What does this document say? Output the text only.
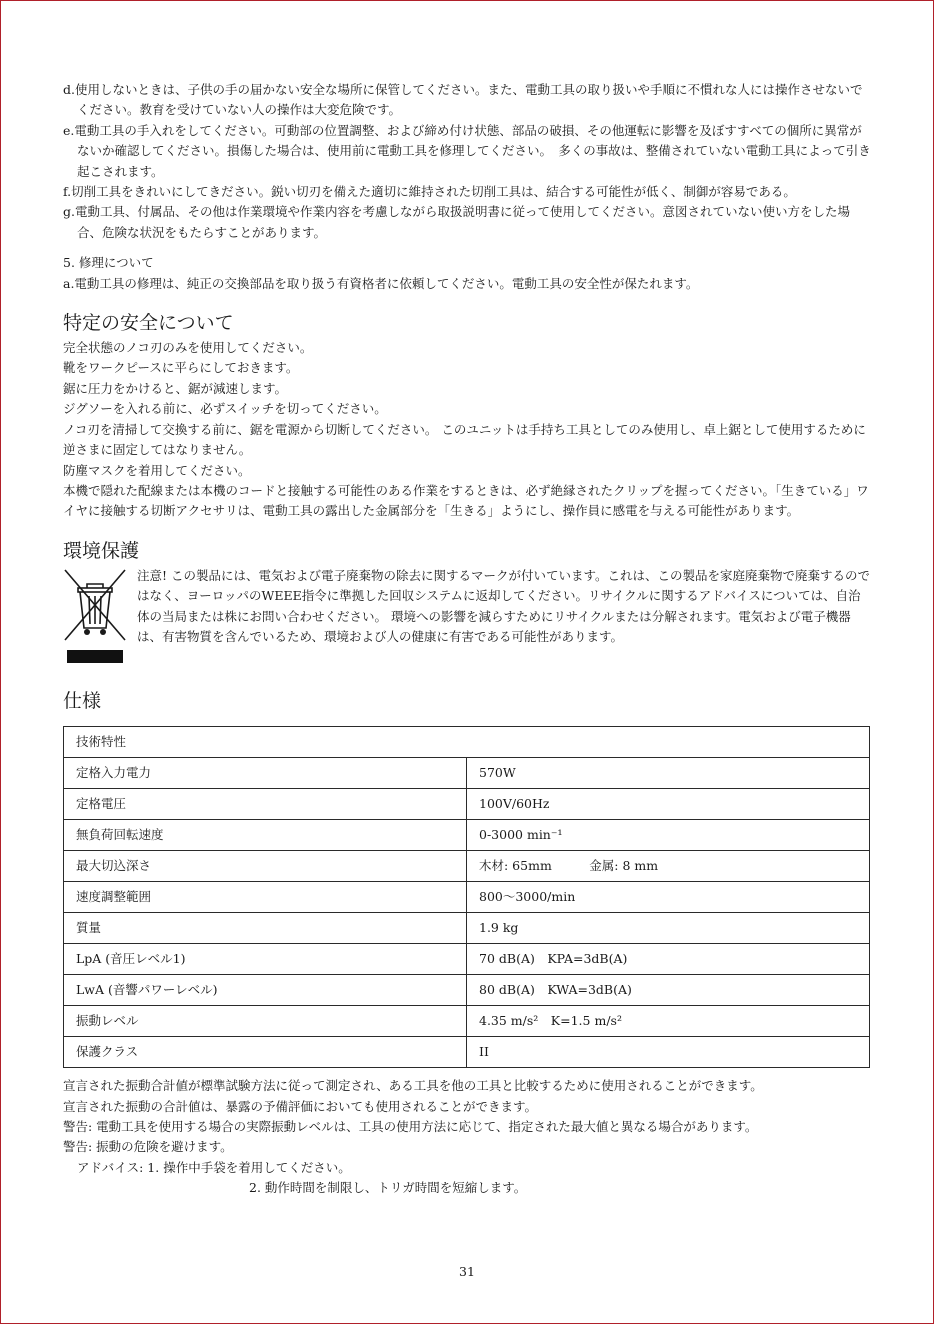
d.使用しないときは、子供の手の届かない安全な場所に保管してください。また、電動工具の取り扱いや手順に不慣れな人には操作させないでください。教育を受けていない人の操作は大変危険です。
e.電動工具の手入れをしてください。可動部の位置調整、および締め付け状態、部品の破損、その他運転に影響を及ぼすすべての個所に異常がないか確認してください。損傷した場合は、使用前に電動工具を修理してください。　多くの事故は、整備されていない電動工具によって引き起こされます。
f.切削工具をきれいにしてきださい。鋭い切刃を備えた適切に維持された切削工具は、結合する可能性が低く、制御が容易である。
g.電動工具、付属品、その他は作業環境や作業内容を考慮しながら取扱説明書に従って使用してください。意図されていない使い方をした場合、危険な状況をもたらすことがあります。
5. 修理について
a.電動工具の修理は、純正の交換部品を取り扱う有資格者に依頼してください。電動工具の安全性が保たれます。
特定の安全について
完全状態のノコ刃のみを使用してください。
靴をワークピースに平らにしておきます。
鋸に圧力をかけると、鋸が減速します。
ジグソーを入れる前に、必ずスイッチを切ってください。
ノコ刃を清掃して交換する前に、鋸を電源から切断してください。 このユニットは手持ち工具としてのみ使用し、卓上鋸として使用するために逆さまに固定してはなりません。
防塵マスクを着用してください。
本機で隠れた配線または本機のコードと接触する可能性のある作業をするときは、必ず絶縁されたクリップを握ってください。「生きている」ワイヤに接触する切断アクセサリは、電動工具の露出した金属部分を「生きる」ようにし、操作員に感電を与える可能性があります。
環境保護
注意! この製品には、電気および電子廃棄物の除去に関するマークが付いています。これは、この製品を家庭廃棄物で廃棄するのではなく、ヨーロッパのWEEE指令に準拠した回収システムに返却してください。リサイクルに関するアドバイスについては、自治体の当局または株にお問い合わせください。 環境への影響を減らすためにリサイクルまたは分解されます。電気および電子機器は、有害物質を含んでいるため、環境および人の健康に有害である可能性があります。
仕様
技術特性	
定格入力電力	570W
定格電圧	100V/60Hz
無負荷回転速度	0-3000 min⁻¹
最大切込深さ	木材: 65mm　　　金属: 8 mm
速度調整範囲	800～3000/min
質量	1.9 kg
LpA (音圧レベル1)	70 dB(A)　KPA=3dB(A)
LwA (音響パワーレベル)	80 dB(A)　KWA=3dB(A)
振動レベル	4.35 m/s²　K=1.5 m/s²
保護クラス	II
宣言された振動合計値が標準試験方法に従って測定され、ある工具を他の工具と比較するために使用されることができます。
宣言された振動の合計値は、暴露の予備評価においても使用されることができます。
警告: 電動工具を使用する場合の実際振動レベルは、工具の使用方法に応じて、指定された最大値と異なる場合があります。
警告: 振動の危険を避けます。
アドバイス: 1. 操作中手袋を着用してください。
2. 動作時間を制限し、トリガ時間を短縮します。
31
